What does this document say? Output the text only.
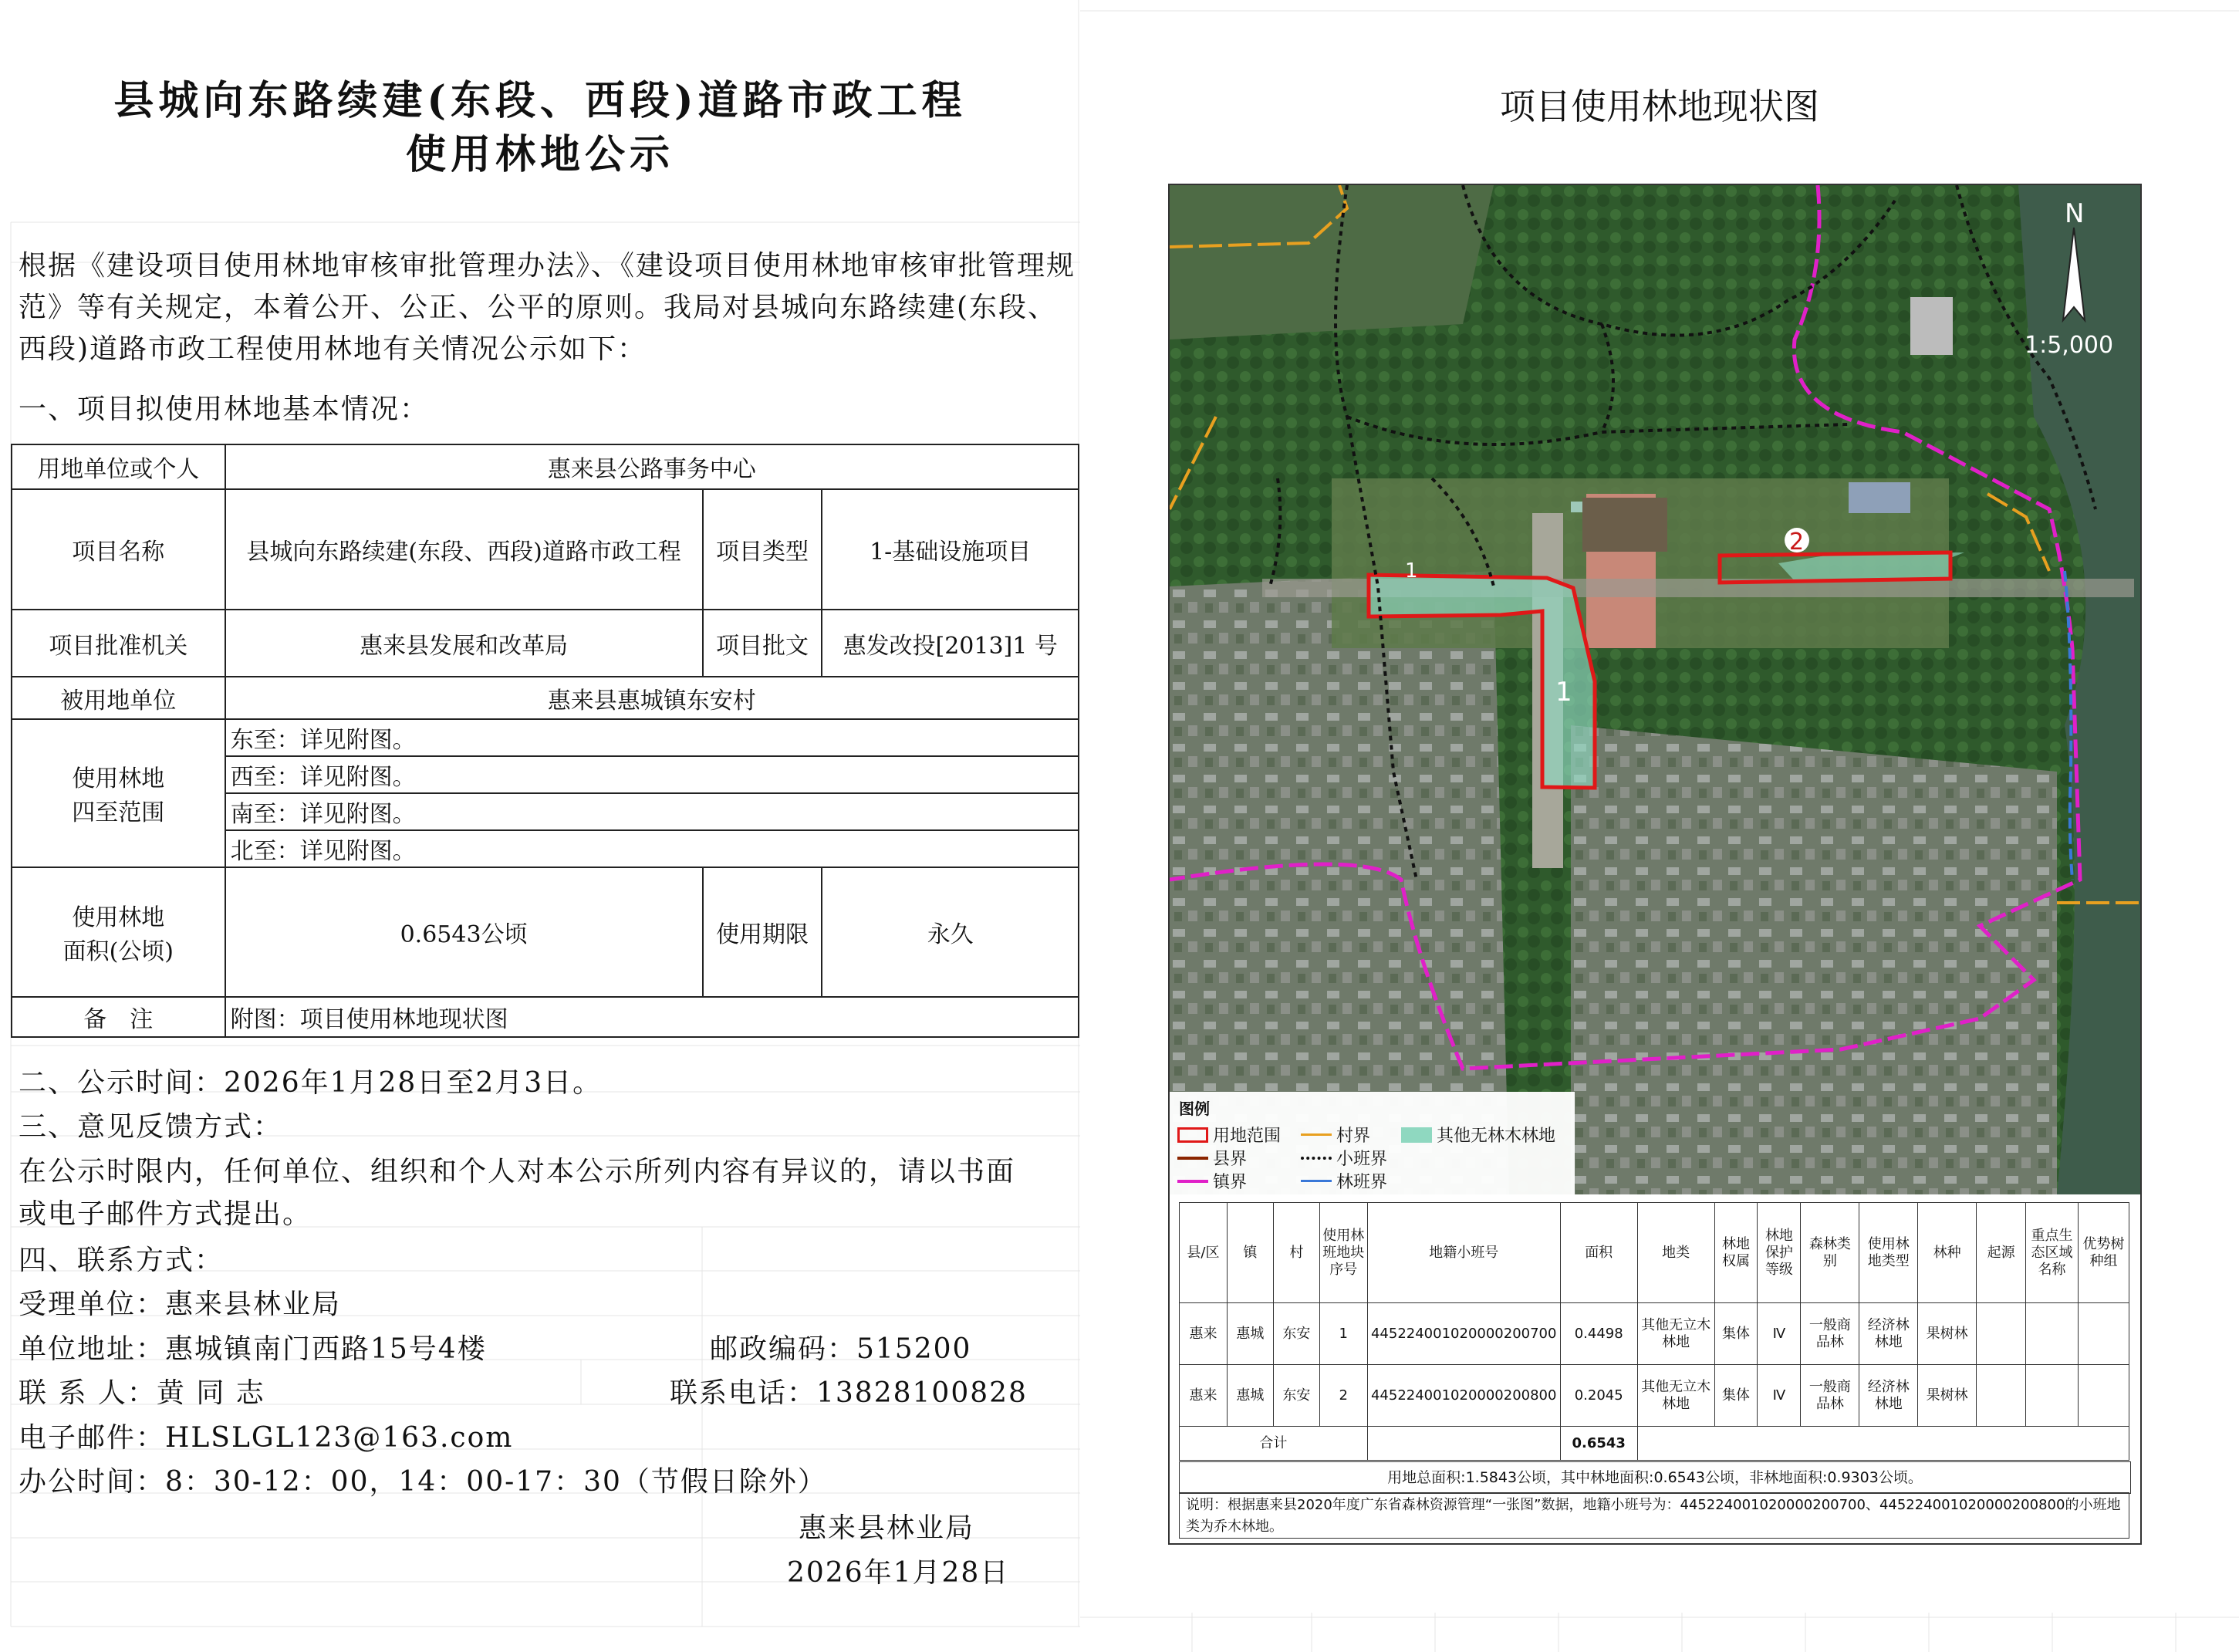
县城向东路续建(东段、西段)道路市政工程
使用林地公示
根据《建设项目使用林地审核审批管理办法》、《建设项目使用林地审核审批管理规范》等有关规定，本着公开、公正、公平的原则。我局对县城向东路续建(东段、西段)道路市政工程使用林地有关情况公示如下：
一、项目拟使用林地基本情况：
用地单位或个人	惠来县公路事务中心		
项目名称	县城向东路续建(东段、西段)道路市政工程	项目类型	1-基础设施项目
项目批准机关	惠来县发展和改革局	项目批文	惠发改投[2013]1 号
被用地单位	惠来县惠城镇东安村		
使用林地
四至范围	东至：详见附图。		
	西至：详见附图。		
	南至：详见附图。		
	北至：详见附图。		
使用林地
面积(公顷)	0.6543公顷	使用期限	永久
备　注	附图：项目使用林地现状图		
二、公示时间：2026年1月28日至2月3日。
三、意见反馈方式：
在公示时限内，任何单位、组织和个人对本公示所列内容有异议的，请以书面
或电子邮件方式提出。
四、联系方式：
受理单位：惠来县林业局
单位地址：惠城镇南门西路15号4楼	邮政编码：515200
联 系 人：黄 同 志	联系电话：13828100828
电子邮件：HLSLGL123@163.com
办公时间：8：30-12：00，14：00-17：30（节假日除外）
惠来县林业局
2026年1月28日
项目使用林地现状图
1
1
2
N
1:5,000
图例
用地范围	村界	其他无林木林地
县界	小班界
镇界	林班界
县/区	镇	村	使用林班地块序号	地籍小班号	面积	地类	林地权属	林地保护等级	森林类别	使用林地类型	林种	起源	重点生态区域名称	优势树种组
惠来	惠城	东安	1	445224001020000200700	0.4498	其他无立木林地	集体	Ⅳ	一般商品林	经济林林地	果树林			
惠来	惠城	东安	2	445224001020000200800	0.2045	其他无立木林地	集体	Ⅳ	一般商品林	经济林林地	果树林			
合计					0.6543									
用地总面积:1.5843公顷，其中林地面积:0.6543公顷，非林地面积:0.9303公顷。
说明：根据惠来县2020年度广东省森林资源管理“一张图”数据，地籍小班号为：445224001020000200700、445224001020000200800的小班地类为乔木林地。
